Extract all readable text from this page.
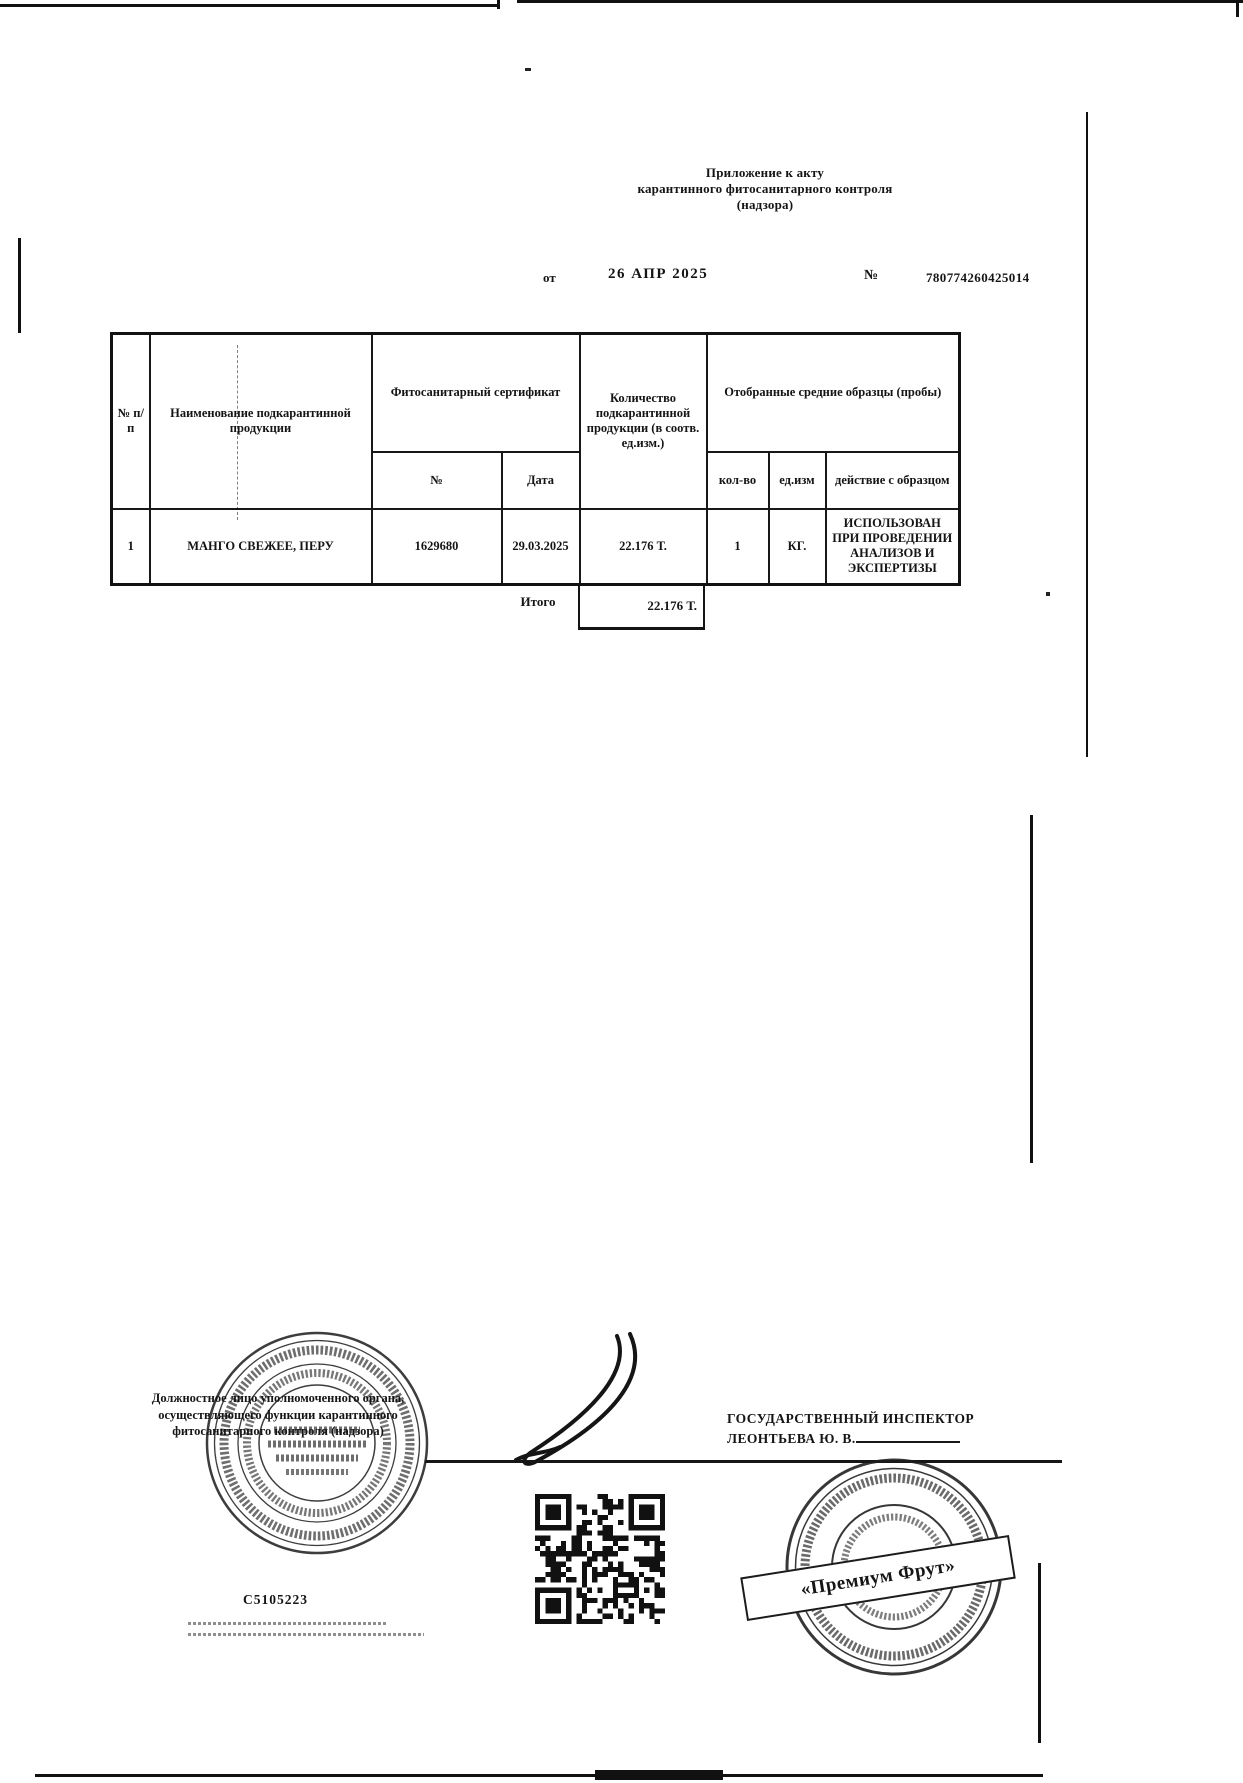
Приложение к акту
карантинного фитосанитарного контроля
(надзора)
от	26 АПР 2025	№	780774260425014
№ п/п	Наименование подкарантинной продукции	Фитосанитарный сертификат		Количество подкарантинной продукции (в соотв. ед.изм.)	Отобранные средние образцы (пробы)		
		№	Дата		кол-во	ед.изм	действие с образцом
1	МАНГО СВЕЖЕЕ, ПЕРУ	1629680	29.03.2025	22.176 Т.	1	КГ.	ИСПОЛЬЗОВАН ПРИ ПРОВЕДЕНИИ АНАЛИЗОВ И ЭКСПЕРТИЗЫ
Итого	22.176 Т.
Должностное лицо уполномоченного органа,
осуществляющего функции карантинного
фитосанитарного контроля (надзора)
ГОСУДАРСТВЕННЫЙ ИНСПЕКТОР
ЛЕОНТЬЕВА Ю. В.
С5105223	«Премиум Фрут»
